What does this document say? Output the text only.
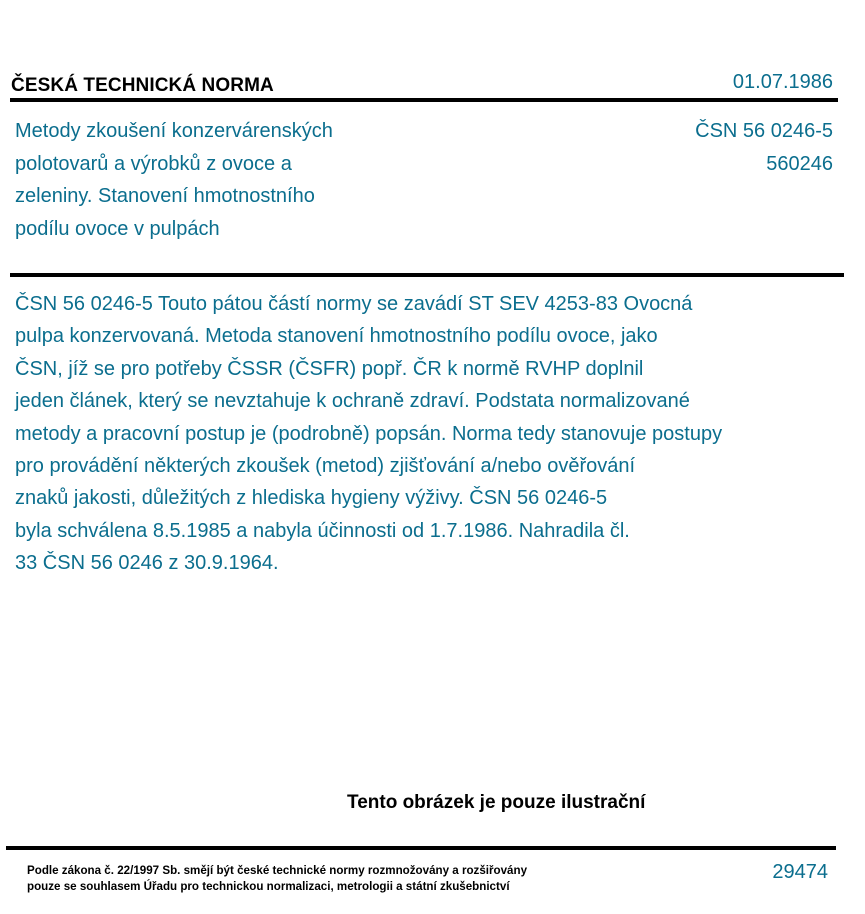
ČESKÁ TECHNICKÁ NORMA	01.07.1986
Metody zkoušení konzervárenských
polotovarů a výrobků z ovoce a
zeleniny. Stanovení hmotnostního
podílu ovoce v pulpách
ČSN 56 0246-5
560246
ČSN 56 0246-5 Touto pátou částí normy se zavádí ST SEV 4253-83 Ovocná
pulpa konzervovaná. Metoda stanovení hmotnostního podílu ovoce, jako
ČSN, jíž se pro potřeby ČSSR (ČSFR) popř. ČR k normě RVHP doplnil
jeden článek, který se nevztahuje k ochraně zdraví. Podstata normalizované
metody a pracovní postup je (podrobně) popsán. Norma tedy stanovuje postupy
pro provádění některých zkoušek (metod) zjišťování a/nebo ověřování
znaků jakosti, důležitých z hlediska hygieny výživy. ČSN 56 0246-5
byla schválena 8.5.1985 a nabyla účinnosti od 1.7.1986. Nahradila čl.
33 ČSN 56 0246 z 30.9.1964.
Tento obrázek je pouze ilustrační
Podle zákona č. 22/1997 Sb. smějí být české technické normy rozmnožovány a rozšiřovány
pouze se souhlasem Úřadu pro technickou normalizaci, metrologii a státní zkušebnictví
29474
